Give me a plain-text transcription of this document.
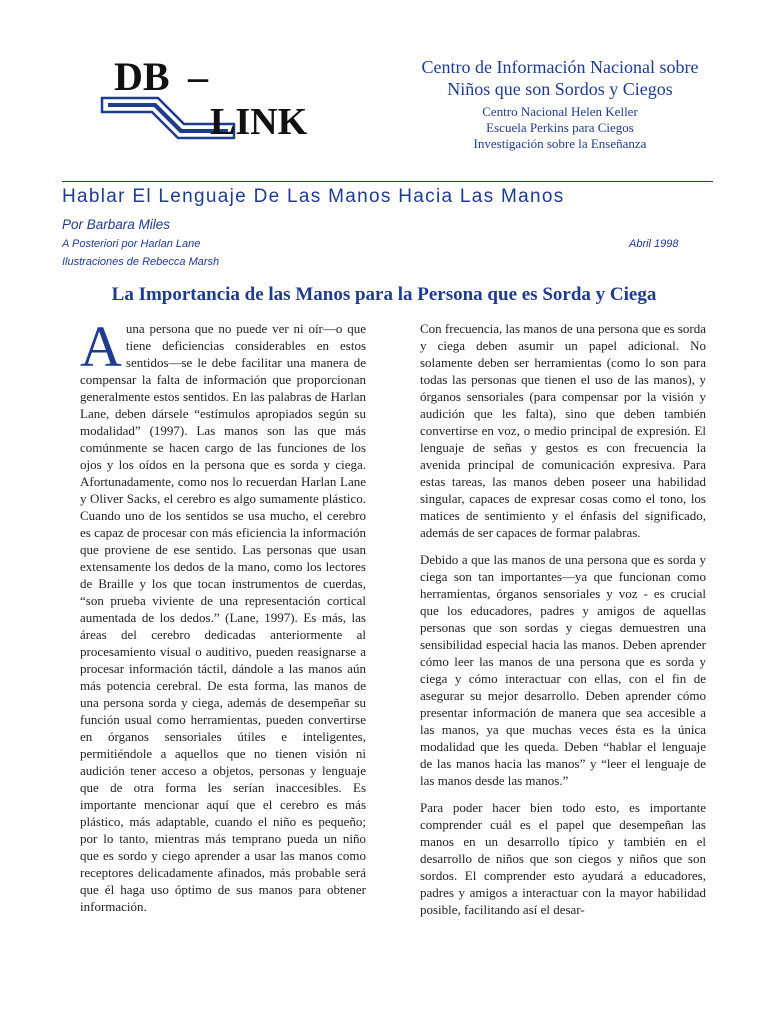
DB –
LINK
Centro de Información Nacional sobre
Niños que son Sordos y Ciegos
Centro Nacional Helen Keller
Escuela Perkins para Ciegos
Investigación sobre la Enseñanza
Hablar El Lenguaje De Las Manos Hacia Las Manos
Por Barbara Miles
A Posteriori por Harlan Lane	Abril 1998
Ilustraciones de Rebecca Marsh
La Importancia de las Manos para la Persona que es Sorda y Ciega

Auna persona que no puede ver ni oír—o que tiene deficiencias considerables en estos sentidos—se le debe facilitar una manera de compensar la falta de información que proporcionan generalmente estos sentidos. En las palabras de Harlan Lane, deben dársele “estímulos apropiados según su modalidad” (1997). Las manos son las que más comúnmente se hacen cargo de las funciones de los ojos y los oídos en la persona que es sorda y ciega. Afortunadamente, como nos lo recuerdan Harlan Lane y Oliver Sacks, el cerebro es algo sumamente plástico. Cuando uno de los sentidos se usa mucho, el cerebro es capaz de procesar con más eficiencia la información que proviene de ese sentido. Las personas que usan extensamente los dedos de la mano, como los lectores de Braille y los que tocan instrumentos de cuerdas, “son prueba viviente de una representación cortical aumentada de los dedos.” (Lane, 1997). Es más, las áreas del cerebro dedicadas anteriormente al procesamiento visual o auditivo, pueden reasignarse a procesar información táctil, dándole a las manos aún más potencia cerebral. De esta forma, las manos de una persona sorda y ciega, además de desempeñar su función usual como herramientas, pueden convertirse en órganos sensoriales útiles e inteligentes, permitiéndole a aquellos que no tienen visión ni audición tener acceso a objetos, personas y lenguaje que de otra forma les serían inaccesibles. Es importante mencionar aquí que el cerebro es más plástico, más adaptable, cuando el niño es pequeño; por lo tanto, mientras más temprano pueda un niño que es sordo y ciego aprender a usar las manos como receptores delicadamente afinados, más probable será que él haga uso óptimo de sus manos para obtener información.

Con frecuencia, las manos de una persona que es sorda y ciega deben asumir un papel adicional. No solamente deben ser herramientas (como lo son para todas las personas que tienen el uso de las manos), y órganos sensoriales (para compensar por la visión y audición que les falta), sino que deben también convertirse en voz, o medio principal de expresión. El lenguaje de señas y gestos es con frecuencia la avenida principal de comunicación expresiva. Para estas tareas, las manos deben poseer una habilidad singular, capaces de expresar cosas como el tono, los matices de sentimiento y el énfasis del significado, además de ser capaces de formar palabras.

Debido a que las manos de una persona que es sorda y ciega son tan importantes—ya que funcionan como herramientas, órganos sensoriales y voz - es crucial que los educadores, padres y amigos de aquellas personas que son sordas y ciegas demuestren una sensibilidad especial hacia las manos. Deben aprender cómo leer las manos de una persona que es sorda y ciega y cómo interactuar con ellas, con el fin de asegurar su mejor desarrollo. Deben aprender cómo presentar información de manera que sea accesible a las manos, ya que muchas veces ésta es la única modalidad que les queda. Deben “hablar el lenguaje de las manos hacia las manos” y “leer el lenguaje de las manos desde las manos.”

Para poder hacer bien todo esto, es importante comprender cuál es el papel que desempeñan las manos en un desarrollo típico y también en el desarrollo de niños que son ciegos y niños que son sordos. El comprender esto ayudará a educadores, padres y amigos a interactuar con la mayor habilidad posible, facilitando así el desar-
